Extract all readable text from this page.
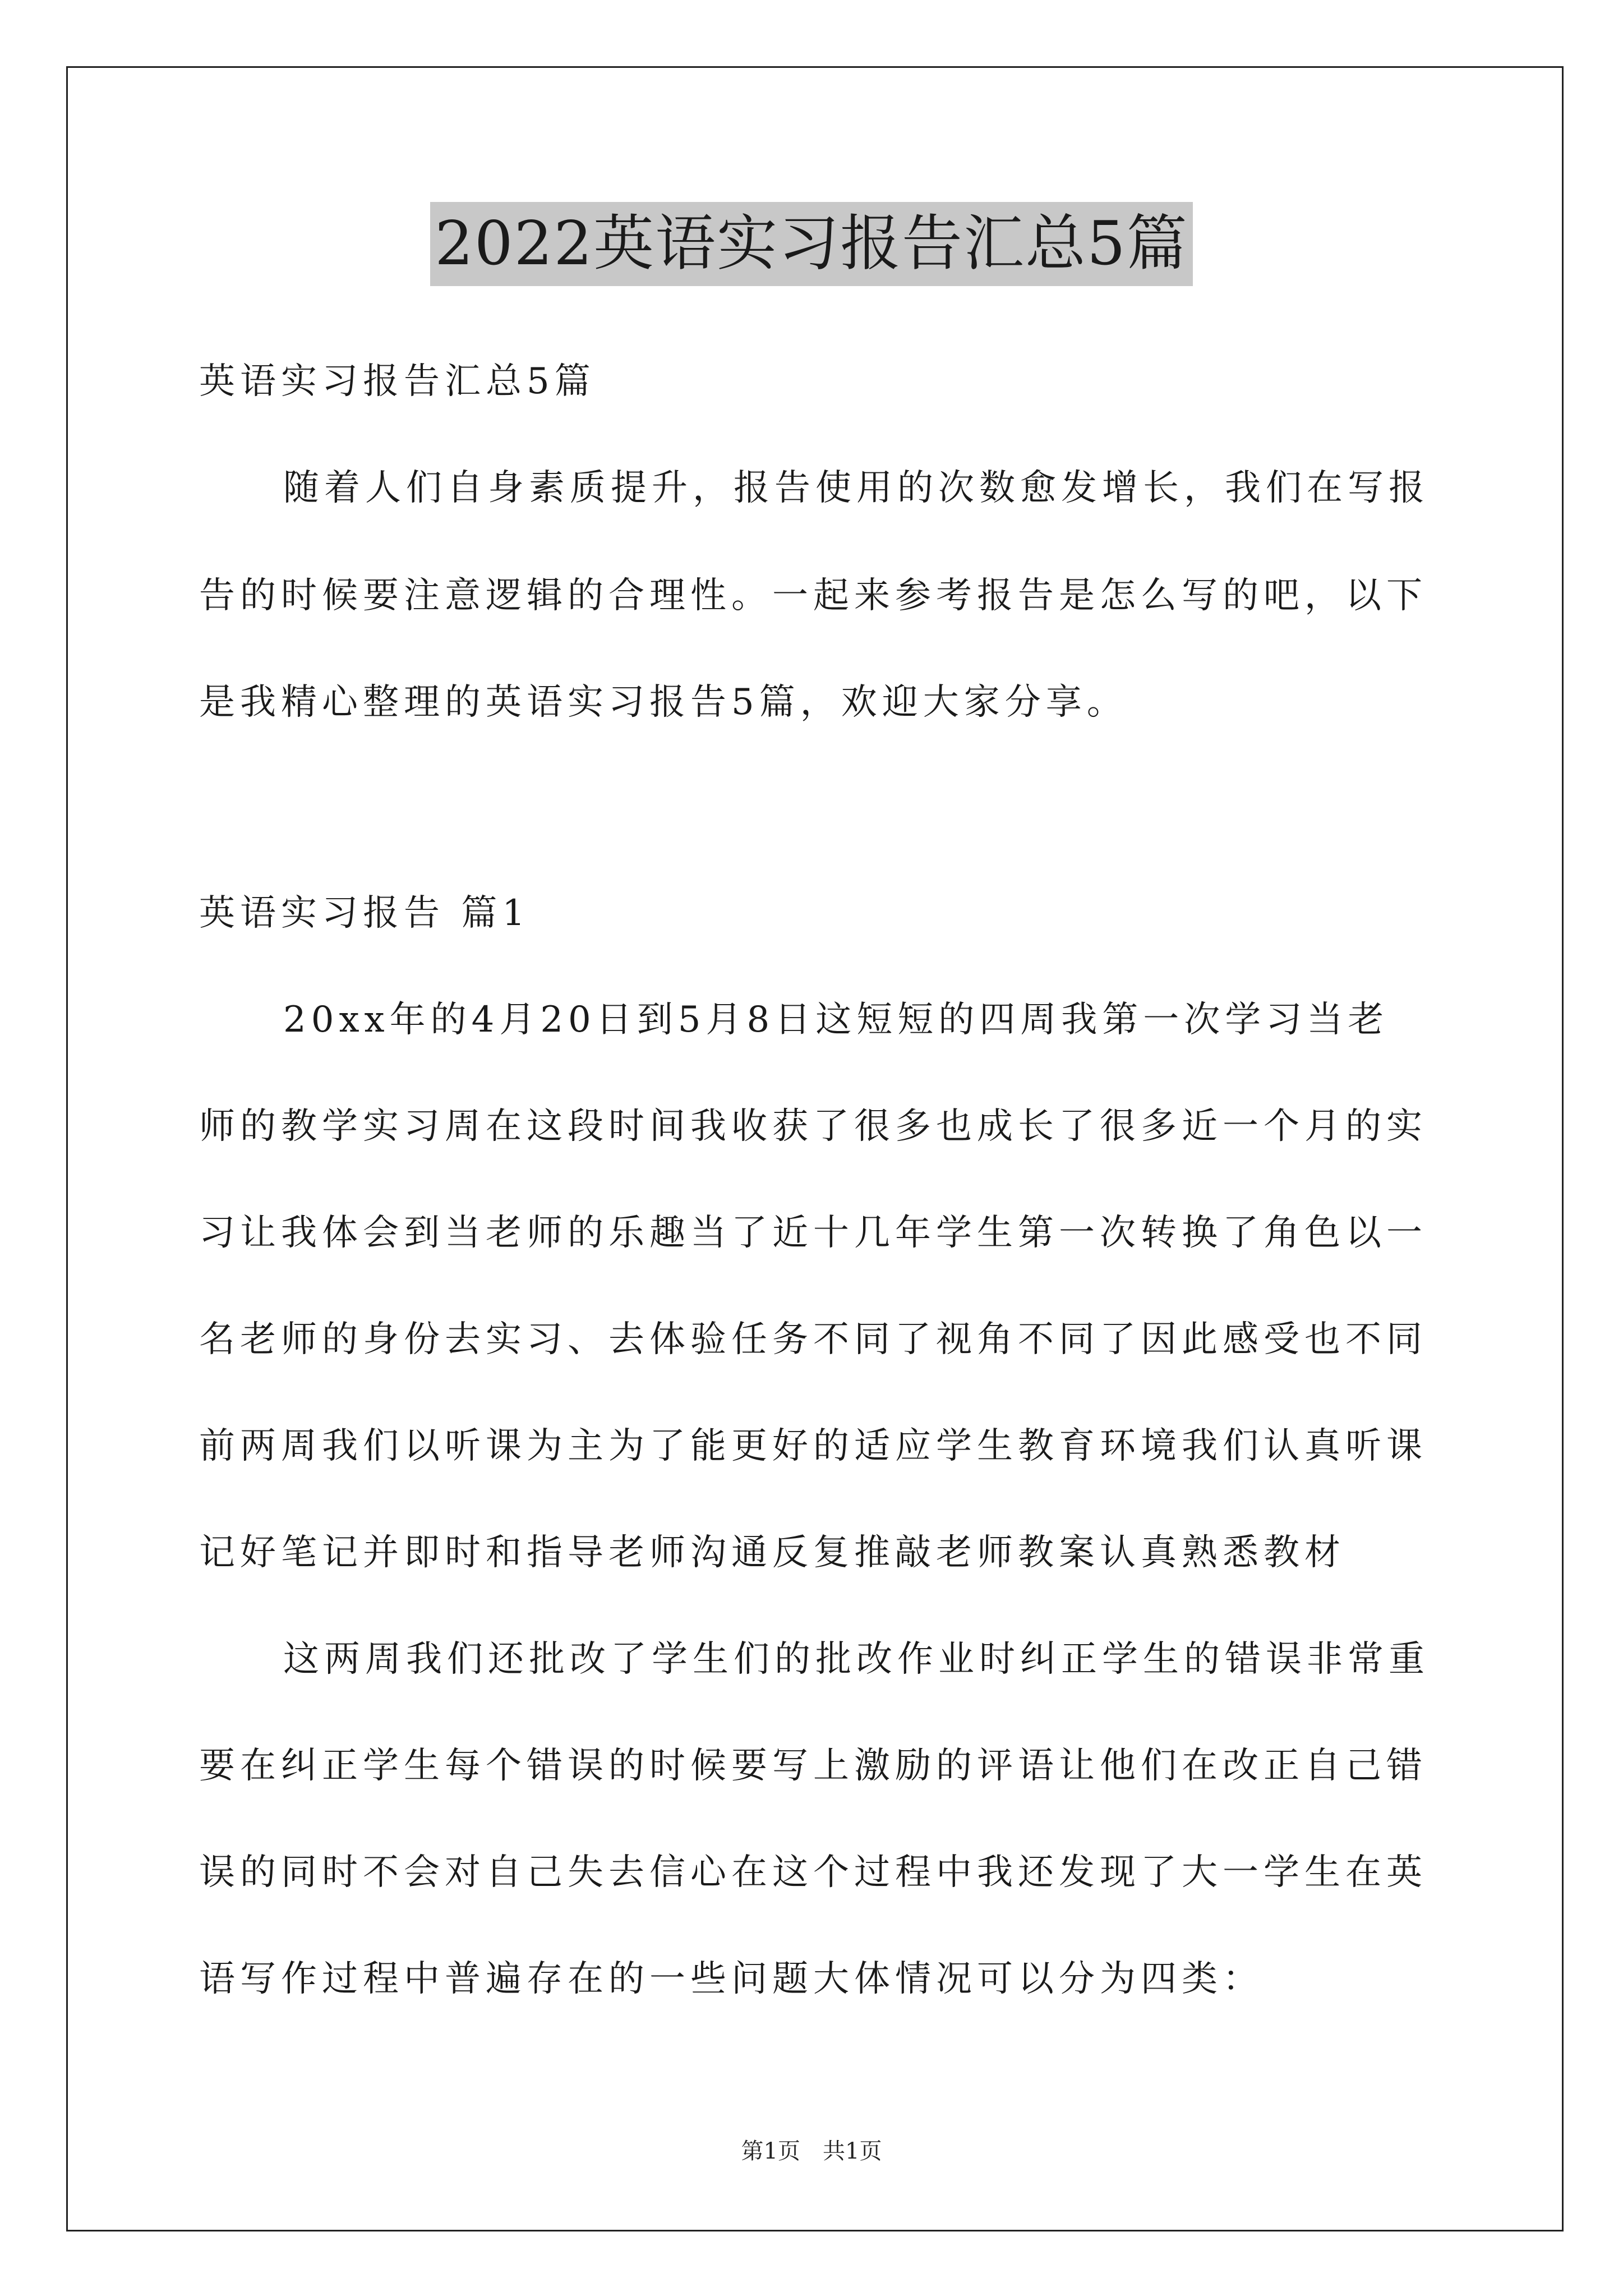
2022英语实习报告汇总5篇
英语实习报告汇总5篇
随着人们自身素质提升，报告使用的次数愈发增长，我们在写报
告的时候要注意逻辑的合理性。一起来参考报告是怎么写的吧，以下
是我精心整理的英语实习报告5篇，欢迎大家分享。
英语实习报告 篇1
20xx年的4月20日到5月8日这短短的四周我第一次学习当老
师的教学实习周在这段时间我收获了很多也成长了很多近一个月的实
习让我体会到当老师的乐趣当了近十几年学生第一次转换了角色以一
名老师的身份去实习、去体验任务不同了视角不同了因此感受也不同
前两周我们以听课为主为了能更好的适应学生教育环境我们认真听课
记好笔记并即时和指导老师沟通反复推敲老师教案认真熟悉教材
这两周我们还批改了学生们的批改作业时纠正学生的错误非常重
要在纠正学生每个错误的时候要写上激励的评语让他们在改正自己错
误的同时不会对自己失去信心在这个过程中我还发现了大一学生在英
语写作过程中普遍存在的一些问题大体情况可以分为四类：
第1页　共1页
